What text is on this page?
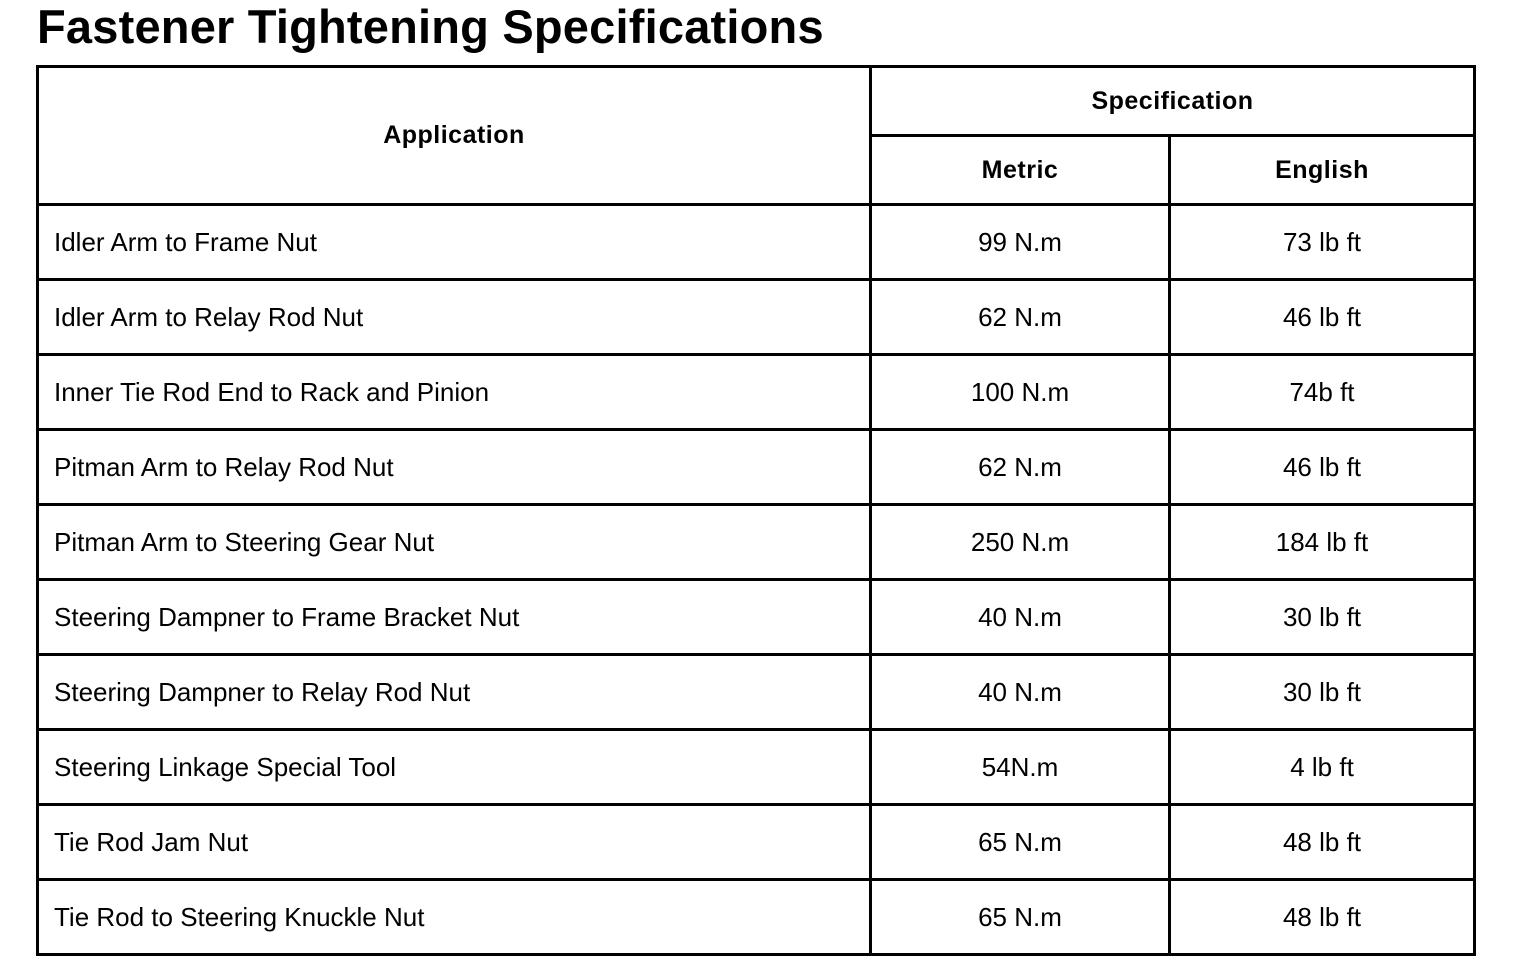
Fastener Tightening Specifications
Application	Specification	
	Metric	English
Idler Arm to Frame Nut	99 N.m	73 lb ft
Idler Arm to Relay Rod Nut	62 N.m	46 lb ft
Inner Tie Rod End to Rack and Pinion	100 N.m	74b ft
Pitman Arm to Relay Rod Nut	62 N.m	46 lb ft
Pitman Arm to Steering Gear Nut	250 N.m	184 lb ft
Steering Dampner to Frame Bracket Nut	40 N.m	30 lb ft
Steering Dampner to Relay Rod Nut	40 N.m	30 lb ft
Steering Linkage Special Tool	54N.m	4 lb ft
Tie Rod Jam Nut	65 N.m	48 lb ft
Tie Rod to Steering Knuckle Nut	65 N.m	48 lb ft
